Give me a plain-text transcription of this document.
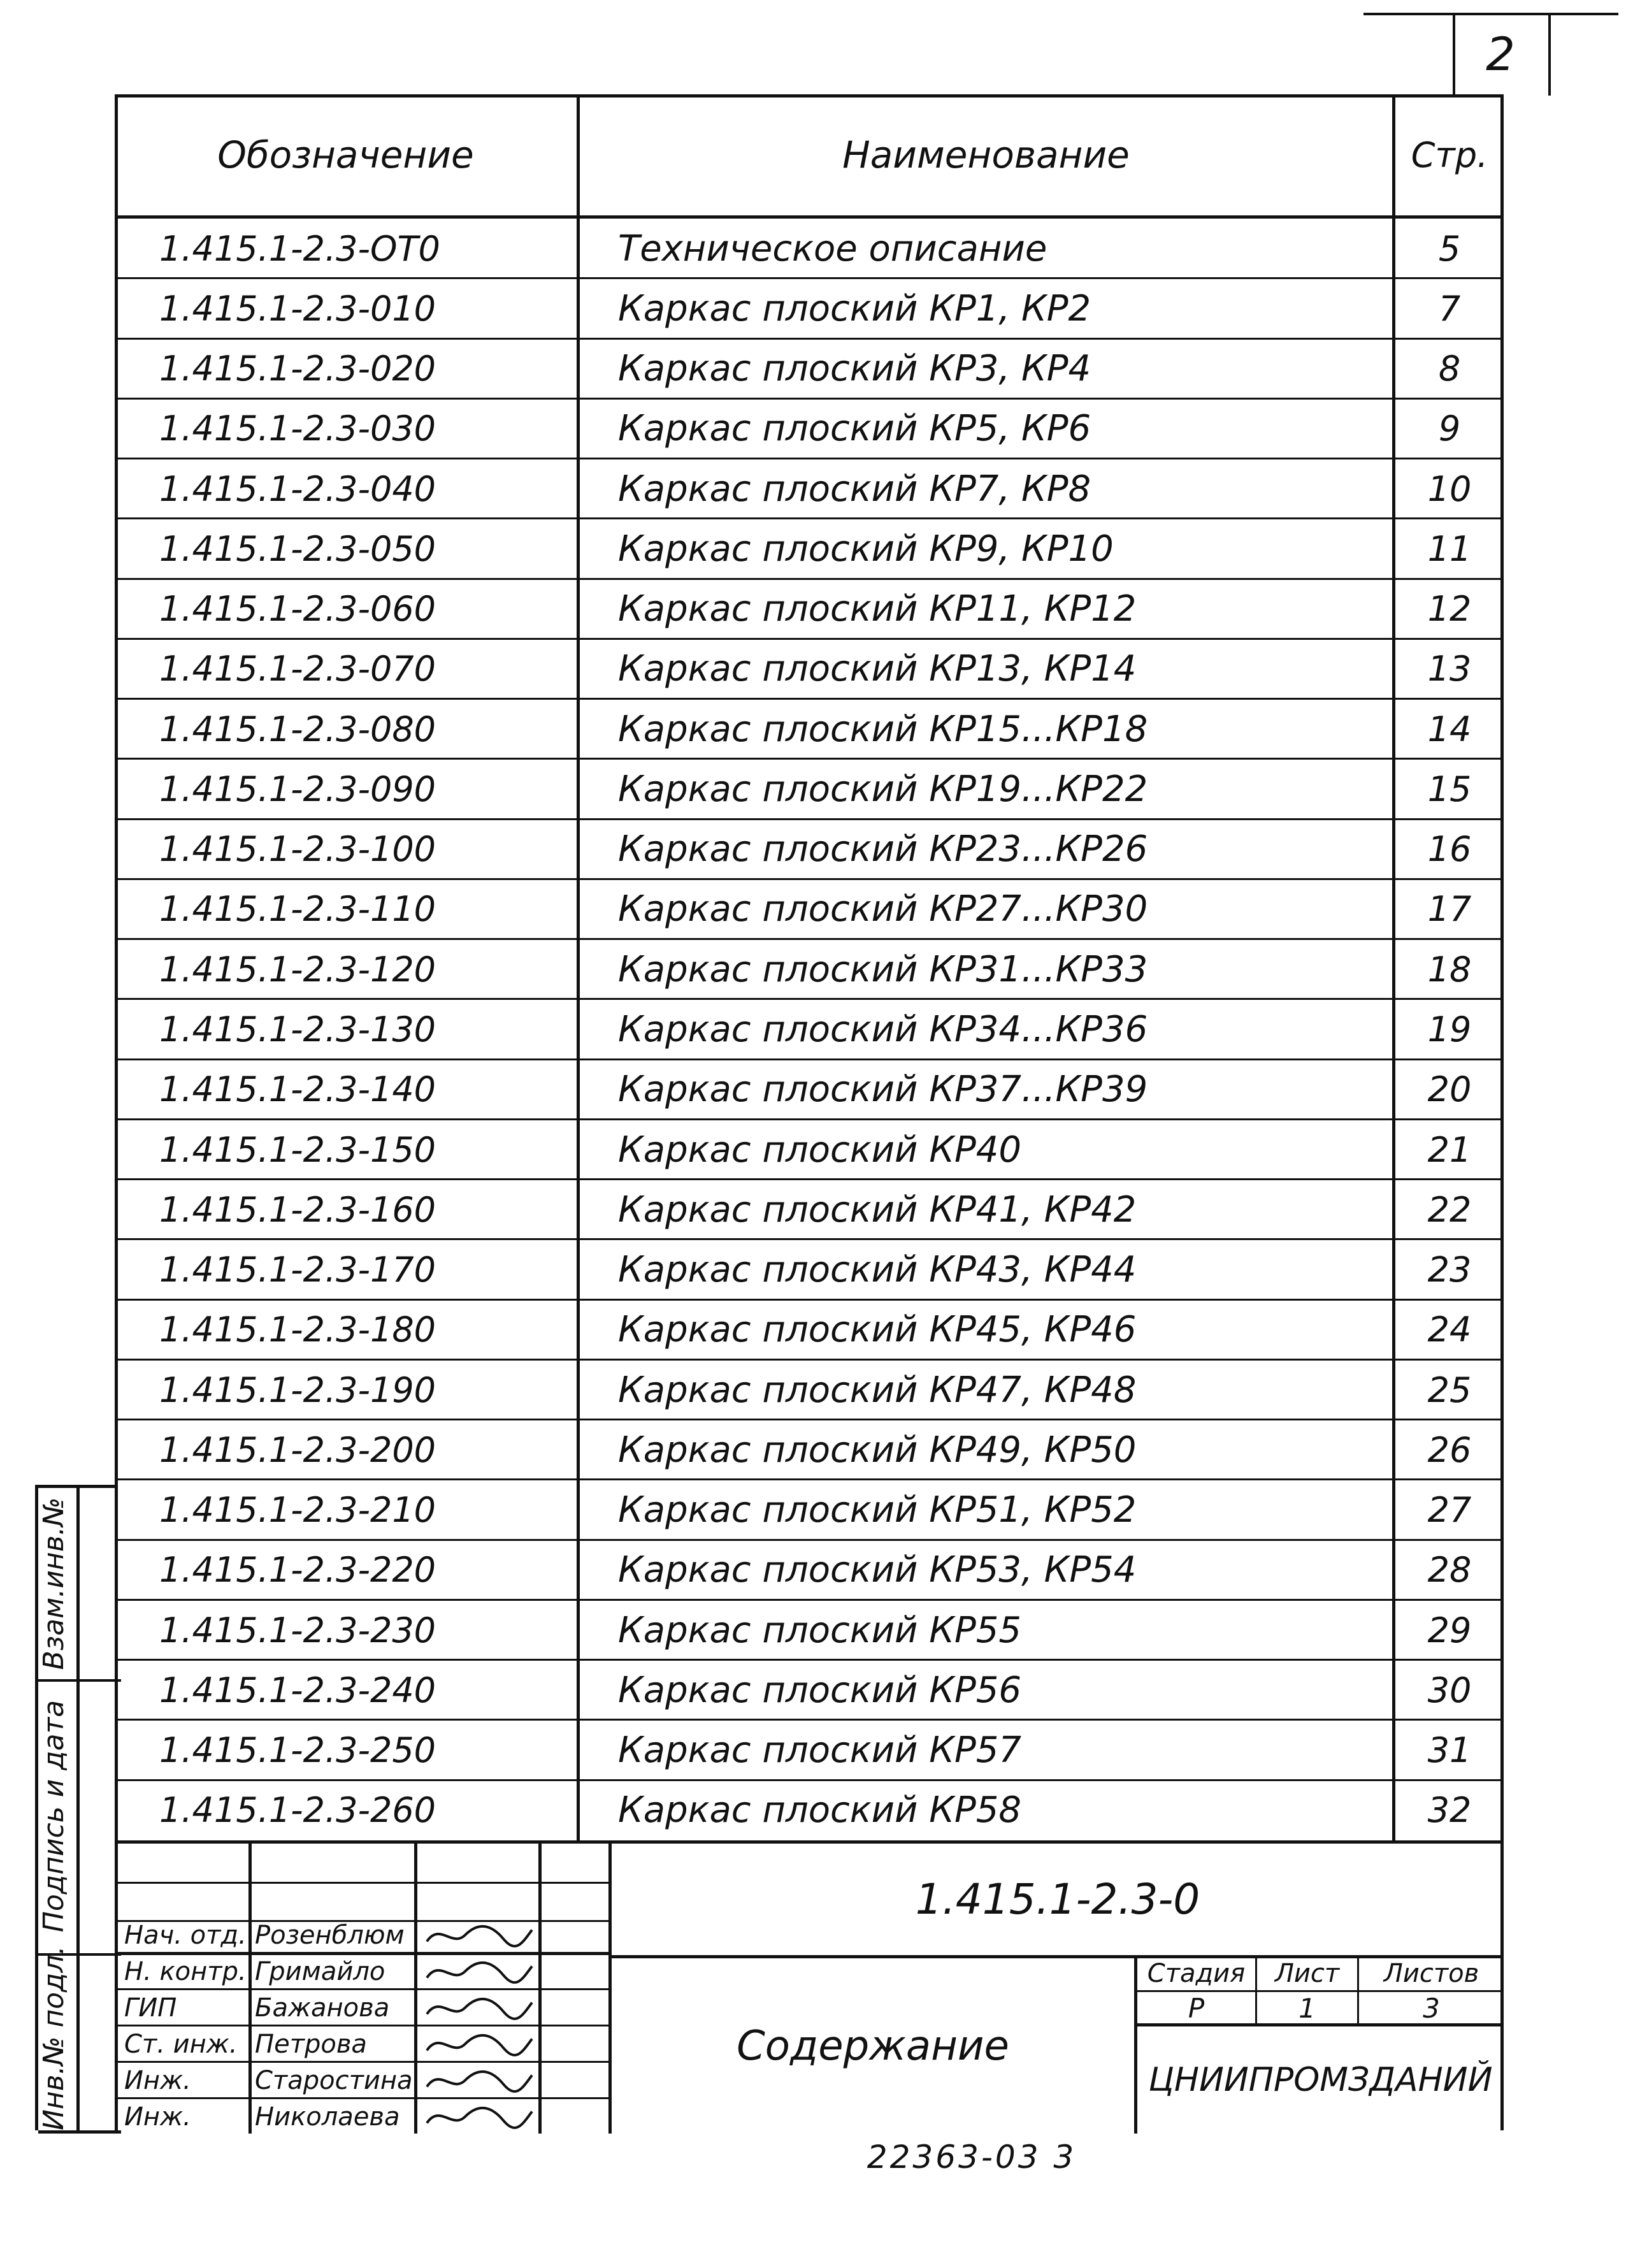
2
Обозначение	Наименование	Стр.
1.415.1-2.3-ОТ0	Техническое описание	5
1.415.1-2.3-010	Каркас плоский КР1, КР2	7
1.415.1-2.3-020	Каркас плоский КР3, КР4	8
1.415.1-2.3-030	Каркас плоский КР5, КР6	9
1.415.1-2.3-040	Каркас плоский КР7, КР8	10
1.415.1-2.3-050	Каркас плоский КР9, КР10	11
1.415.1-2.3-060	Каркас плоский КР11, КР12	12
1.415.1-2.3-070	Каркас плоский КР13, КР14	13
1.415.1-2.3-080	Каркас плоский КР15...КР18	14
1.415.1-2.3-090	Каркас плоский КР19...КР22	15
1.415.1-2.3-100	Каркас плоский КР23...КР26	16
1.415.1-2.3-110	Каркас плоский КР27...КР30	17
1.415.1-2.3-120	Каркас плоский КР31...КР33	18
1.415.1-2.3-130	Каркас плоский КР34...КР36	19
1.415.1-2.3-140	Каркас плоский КР37...КР39	20
1.415.1-2.3-150	Каркас плоский КР40	21
1.415.1-2.3-160	Каркас плоский КР41, КР42	22
1.415.1-2.3-170	Каркас плоский КР43, КР44	23
1.415.1-2.3-180	Каркас плоский КР45, КР46	24
1.415.1-2.3-190	Каркас плоский КР47, КР48	25
1.415.1-2.3-200	Каркас плоский КР49, КР50	26
1.415.1-2.3-210	Каркас плоский КР51, КР52	27
1.415.1-2.3-220	Каркас плоский КР53, КР54	28
1.415.1-2.3-230	Каркас плоский КР55	29
1.415.1-2.3-240	Каркас плоский КР56	30
1.415.1-2.3-250	Каркас плоский КР57	31
1.415.1-2.3-260	Каркас плоский КР58	32
1.415.1-2.3-0
Содержание
Стадия	Лист	Листов
Р	1	3
ЦНИИПРОМЗДАНИЙ
Нач. отд. Розенблюм
Н. контр. Гримайло
ГИП	Бажанова
Ст. инж. Петрова
Инж.	Старостина
Инж.	Николаева
Взам.инв.№
Подпись и дата
Инв.№ подл.
22363-03 3
